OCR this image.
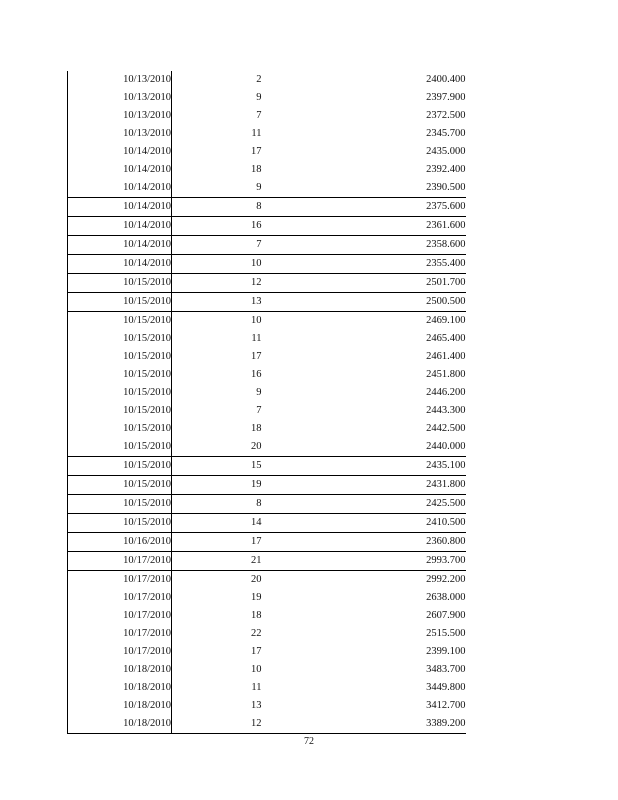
10/13/2010	2	2400.400
10/13/2010	9	2397.900
10/13/2010	7	2372.500
10/13/2010	11	2345.700
10/14/2010	17	2435.000
10/14/2010	18	2392.400
10/14/2010	9	2390.500
10/14/2010	8	2375.600
10/14/2010	16	2361.600
10/14/2010	7	2358.600
10/14/2010	10	2355.400
10/15/2010	12	2501.700
10/15/2010	13	2500.500
10/15/2010	10	2469.100
10/15/2010	11	2465.400
10/15/2010	17	2461.400
10/15/2010	16	2451.800
10/15/2010	9	2446.200
10/15/2010	7	2443.300
10/15/2010	18	2442.500
10/15/2010	20	2440.000
10/15/2010	15	2435.100
10/15/2010	19	2431.800
10/15/2010	8	2425.500
10/15/2010	14	2410.500
10/16/2010	17	2360.800
10/17/2010	21	2993.700
10/17/2010	20	2992.200
10/17/2010	19	2638.000
10/17/2010	18	2607.900
10/17/2010	22	2515.500
10/17/2010	17	2399.100
10/18/2010	10	3483.700
10/18/2010	11	3449.800
10/18/2010	13	3412.700
10/18/2010	12	3389.200
72
